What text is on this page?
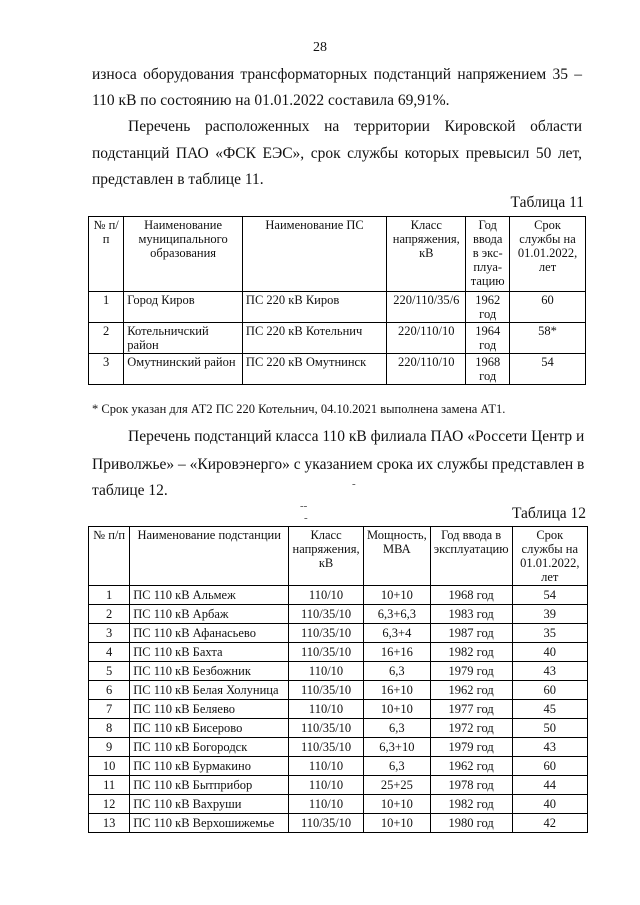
28
износа оборудования трансформаторных подстанций напряжением 35 –
110 кВ по состоянию на 01.01.2022 составила 69,91%.
Перечень расположенных на территории Кировской области
подстанций ПАО «ФСК ЕЭС», срок службы которых превысил 50 лет,
представлен в таблице 11.
Таблица 11
№ п/п	Наименование муниципального образования	Наименование ПС	Класс напряжения, кВ	Год ввода в экс-плуа-тацию	Срок службы на 01.01.2022, лет
1	Город Киров	ПС 220 кВ Киров	220/110/35/6	1962 год	60
2	Котельничский район	ПС 220 кВ Котельнич	220/110/10	1964 год	58*
3	Омутнинский район	ПС 220 кВ Омутнинск	220/110/10	1968 год	54
* Срок указан для АТ2 ПС 220 Котельнич, 04.10.2021 выполнена замена АТ1.
Перечень подстанций класса 110 кВ филиала ПАО «Россети Центр и
Приволжье» – «Кировэнерго» с указанием срока их службы представлен в
таблице 12.	-
--
-	Таблица 12
№ п/п	Наименование подстанции	Класс напряжения, кВ	Мощность, МВА	Год ввода в эксплуатацию	Срок службы на 01.01.2022, лет
1	ПС 110 кВ Альмеж	110/10	10+10	1968 год	54
2	ПС 110 кВ Арбаж	110/35/10	6,3+6,3	1983 год	39
3	ПС 110 кВ Афанасьево	110/35/10	6,3+4	1987 год	35
4	ПС 110 кВ Бахта	110/35/10	16+16	1982 год	40
5	ПС 110 кВ Безбожник	110/10	6,3	1979 год	43
6	ПС 110 кВ Белая Холуница	110/35/10	16+10	1962 год	60
7	ПС 110 кВ Беляево	110/10	10+10	1977 год	45
8	ПС 110 кВ Бисерово	110/35/10	6,3	1972 год	50
9	ПС 110 кВ Богородск	110/35/10	6,3+10	1979 год	43
10	ПС 110 кВ Бурмакино	110/10	6,3	1962 год	60
11	ПС 110 кВ Бытприбор	110/10	25+25	1978 год	44
12	ПС 110 кВ Вахруши	110/10	10+10	1982 год	40
13	ПС 110 кВ Верхошижемье	110/35/10	10+10	1980 год	42
